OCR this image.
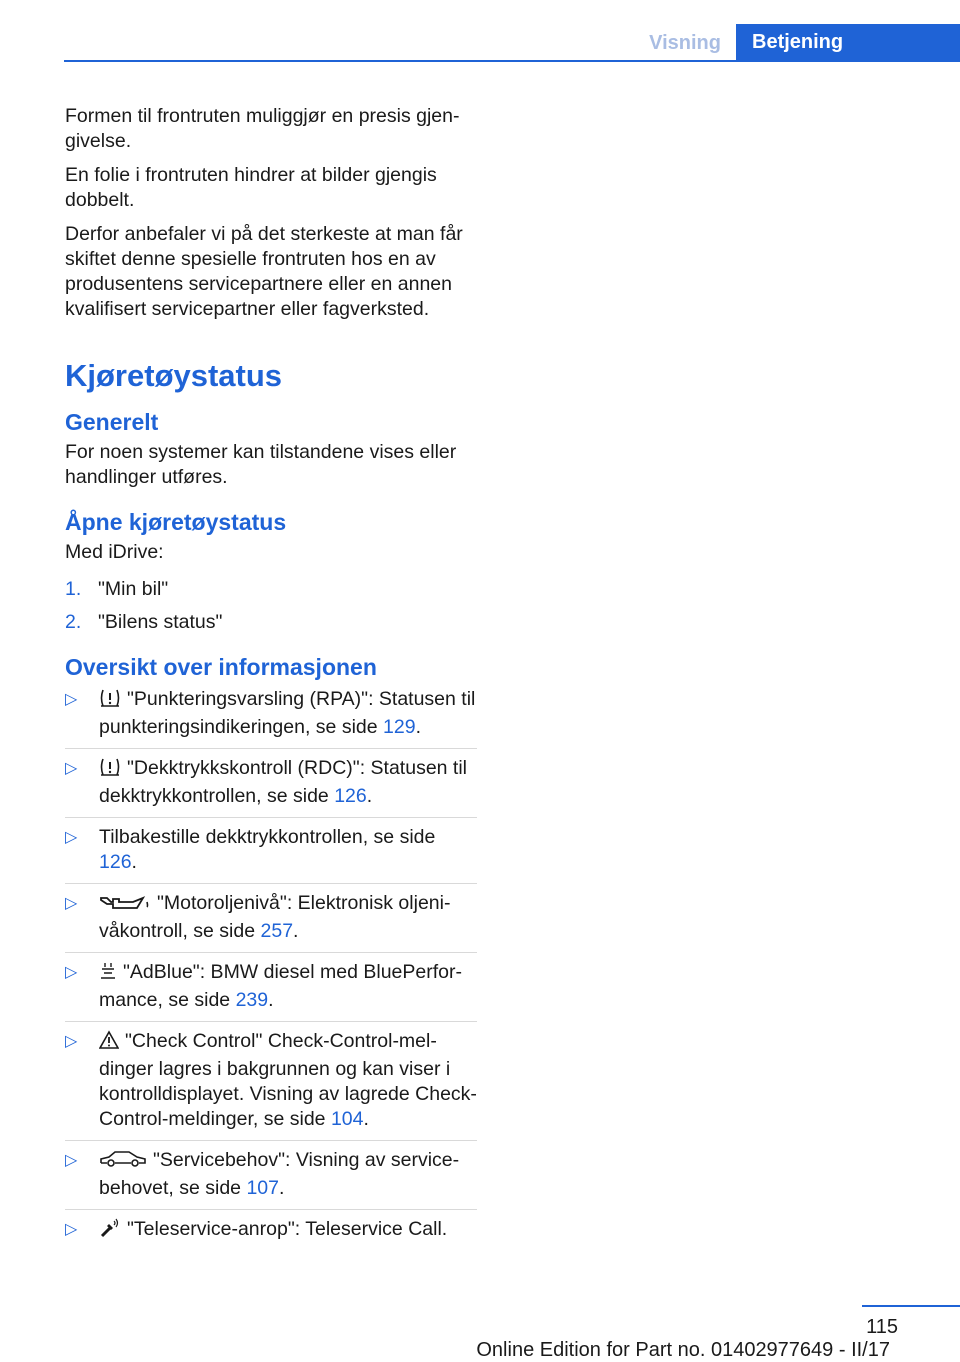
Visning	Betjening

Formen til frontruten muliggjør en presis gjengivelse.

En folie i frontruten hindrer at bilder gjengis dobbelt.

Derfor anbefaler vi på det sterkeste at man får skiftet denne spesielle frontruten hos en av produsentens servicepartnere eller en annen kvalifisert servicepartner eller fagverksted.

Kjøretøystatus
Generelt

For noen systemer kan tilstandene vises eller handlinger utføres.

Åpne kjøretøystatus

Med iDrive:

1. "Min bil"
2. "Bilens status"
Oversikt over informasjonen
▷	"Punkteringsvarsling (RPA)": Statusen til punkteringsindikeringen, se side 129.
▷	"Dekktrykkskontroll (RDC)": Statusen til dekktrykkontrollen, se side 126.
▷ Tilbakestille dekktrykkontrollen, se side 126.
▷	"Motoroljenivå": Elektronisk oljenivåkontroll, se side 257.
▷ "AdBlue": BMW diesel med BluePerformance, se side 239.
▷ "Check Control" Check-Control-meldinger lagres i bakgrunnen og kan viser i kontrolldisplayet. Visning av lagrede Check-Control-meldinger, se side 104.
▷	"Servicebehov": Visning av servicebehovet, se side 107.
▷	"Teleservice-anrop": Teleservice Call.
115
Online Edition for Part no. 01402977649 - II/17
